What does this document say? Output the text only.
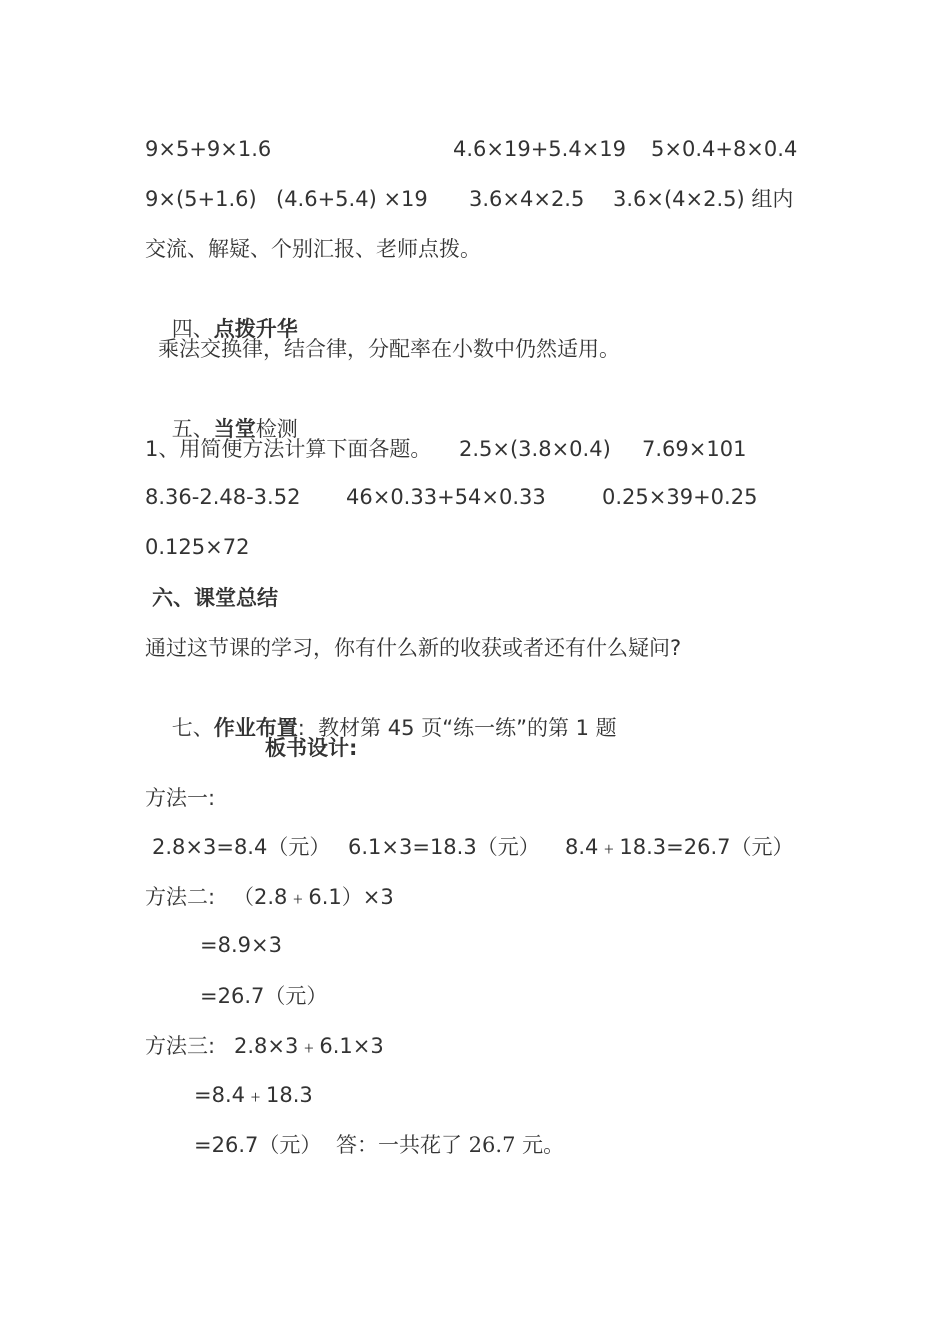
9×5+9×1.6

	4.6×19+5.4×19

5×0.4+8×0.4

9×(5+1.6)

(4.6+5.4) ×19

3.6×4×2.5

3.6×(4×2.5) 组内

交流、解疑、个别汇报、老师点拨。

四、点拨升华

乘法交换律，结合律，分配率在小数中仍然适用。

五、当堂检测

1、用简便方法计算下面各题。

2.5×(3.8×0.4)

7.69×101

8.36-2.48-3.52

46×0.33+54×0.33

	0.25×39+0.25

0.125×72
六、课堂总结
通过这节课的学习，你有什么新的收获或者还有什么疑问?

七、作业布置:  教材第 45 页“练一练”的第 1 题

板书设计:
方法一:

2.8×3=8.4（元）

6.1×3=18.3（元）

8.4﹢18.3=26.7（元）

方法二:

（2.8﹢6.1）×3

=8.9×3
=26.7（元）

方法三:

2.8×3﹢6.1×3

=8.4﹢18.3

=26.7（元）

答：一共花了 26.7 元。
